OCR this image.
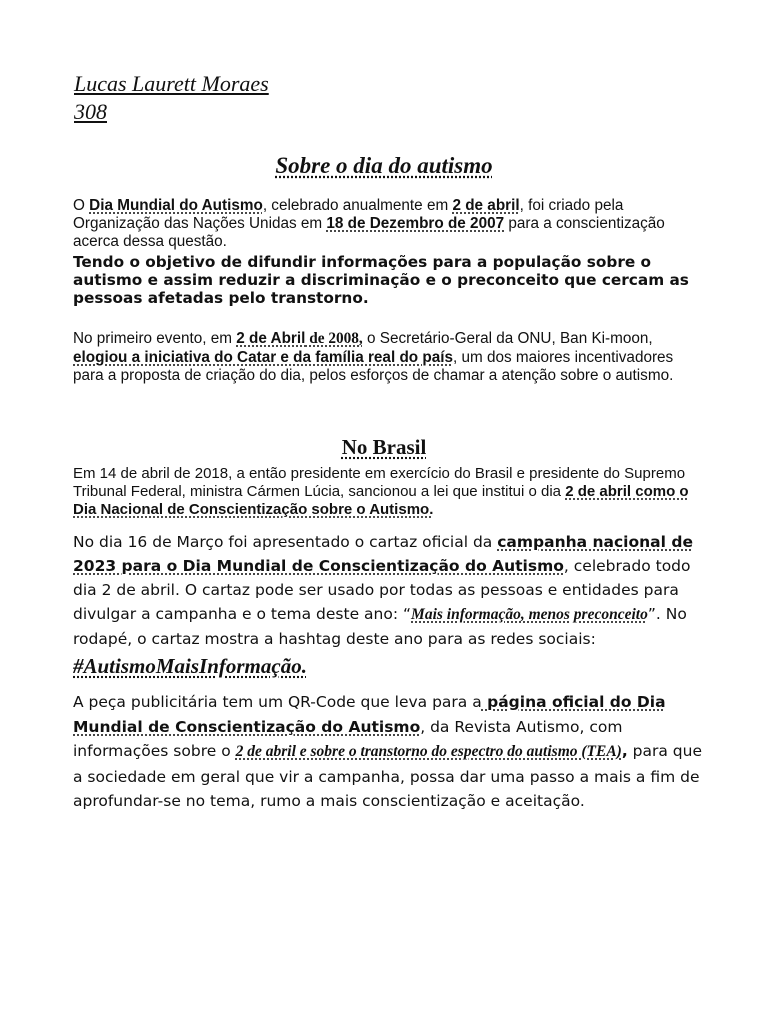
Lucas Laurett Moraes
308
Sobre o dia do autismo

O Dia Mundial do Autismo, celebrado anualmente em 2 de abril, foi criado pela Organização das Nações Unidas em 18 de Dezembro de 2007 para a conscientização acerca dessa questão.

Tendo o objetivo de difundir informações para a população sobre o autismo e assim reduzir a discriminação e o preconceito que cercam as pessoas afetadas pelo transtorno.

No primeiro evento, em 2 de Abril de 2008, o Secretário-Geral da ONU, Ban Ki-moon, elogiou a iniciativa do Catar e da família real do país, um dos maiores incentivadores para a proposta de criação do dia, pelos esforços de chamar a atenção sobre o autismo.

No Brasil

Em 14 de abril de 2018, a então presidente em exercício do Brasil e presidente do Supremo Tribunal Federal, ministra Cármen Lúcia, sancionou a lei que institui o dia 2 de abril como o Dia Nacional de Conscientização sobre o Autismo.

No dia 16 de Março foi apresentado o cartaz oficial da campanha nacional de 2023 para o Dia Mundial de Conscientização do Autismo, celebrado todo dia 2 de abril. O cartaz pode ser usado por todas as pessoas e entidades para divulgar a campanha e o tema deste ano: “Mais informação, menos preconceito”. No rodapé, o cartaz mostra a hashtag deste ano para as redes sociais:

#AutismoMaisInformação.

A peça publicitária tem um QR-Code que leva para a página oficial do Dia Mundial de Conscientização do Autismo, da Revista Autismo, com informações sobre o 2 de abril e sobre o transtorno do espectro do autismo (TEA), para que a sociedade em geral que vir a campanha, possa dar uma passo a mais a fim de aprofundar-se no tema, rumo a mais conscientização e aceitação.
